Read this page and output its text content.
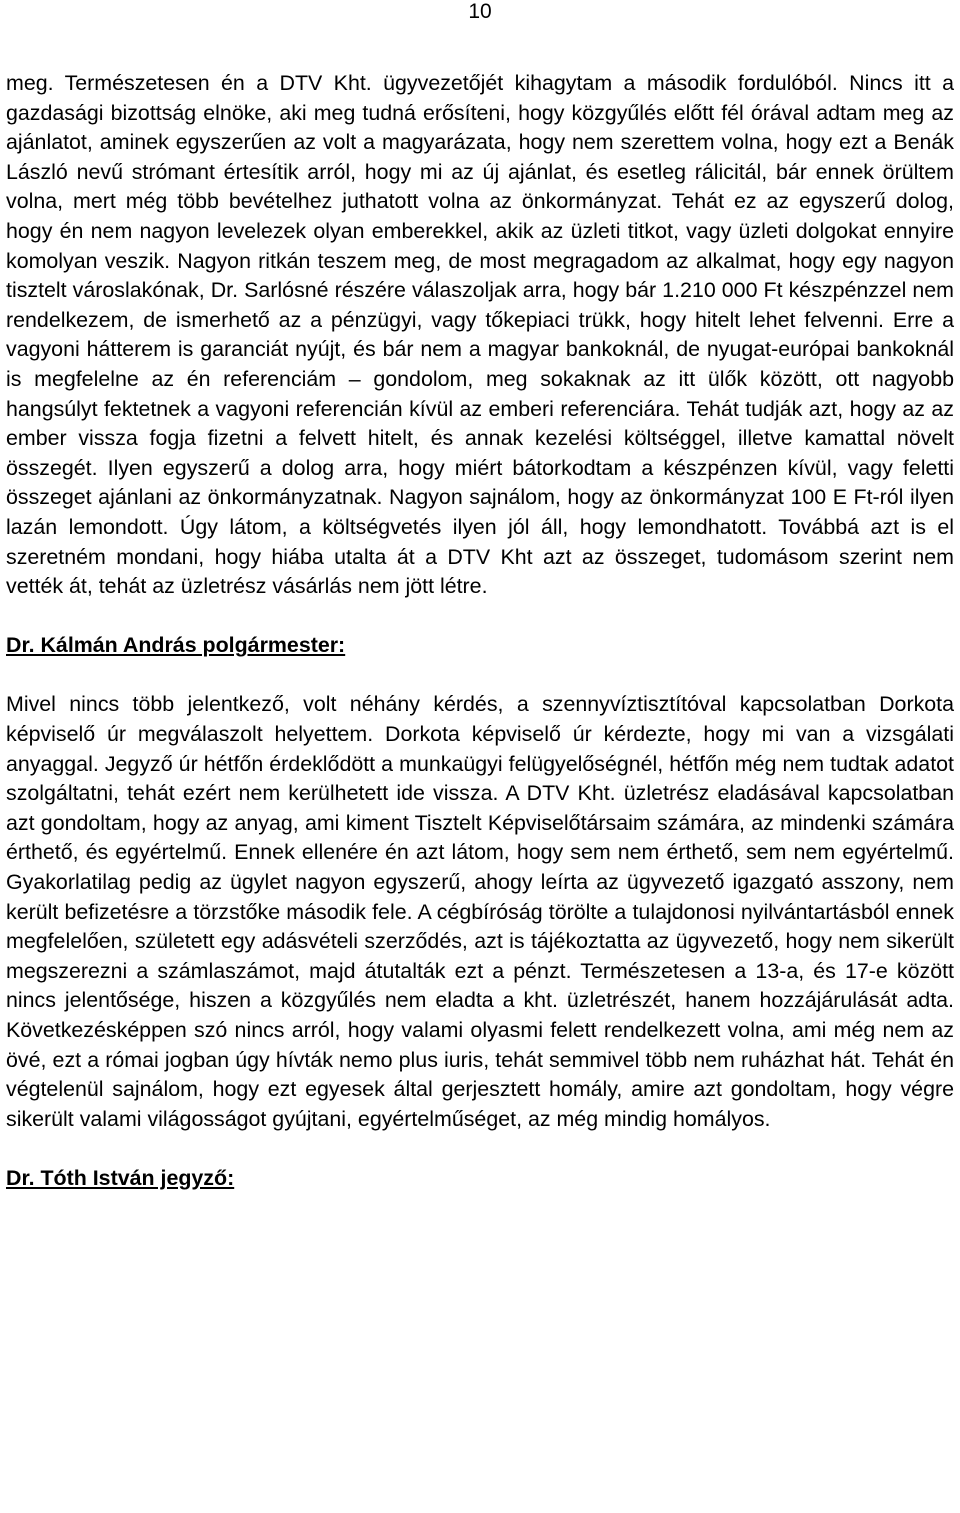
10

meg. Természetesen én a DTV Kht. ügyvezetőjét kihagytam a második fordulóból. Nincs itt a gazdasági bizottság elnöke, aki meg tudná erősíteni, hogy közgyűlés előtt fél órával adtam meg az ajánlatot, aminek egyszerűen az volt a magyarázata, hogy nem szerettem volna, hogy ezt a Benák László nevű strómant értesítik arról, hogy mi az új ajánlat, és esetleg rálicitál, bár ennek örültem volna, mert még több bevételhez juthatott volna az önkormányzat. Tehát ez az egyszerű dolog, hogy én nem nagyon levelezek olyan emberekkel, akik az üzleti titkot, vagy üzleti dolgokat ennyire komolyan veszik. Nagyon ritkán teszem meg, de most megragadom az alkalmat, hogy egy nagyon tisztelt városlakónak, Dr. Sarlósné részére válaszoljak arra, hogy bár 1.210 000 Ft készpénzzel nem rendelkezem, de ismerhető az a pénzügyi, vagy tőkepiaci trükk, hogy hitelt lehet felvenni. Erre a vagyoni hátterem is garanciát nyújt, és bár nem a magyar bankoknál, de nyugat-európai bankoknál is megfelelne az én referenciám – gondolom, meg sokaknak az itt ülők között, ott nagyobb hangsúlyt fektetnek a vagyoni referencián kívül az emberi referenciára. Tehát tudják azt, hogy az az ember vissza fogja fizetni a felvett hitelt, és annak kezelési költséggel, illetve kamattal növelt összegét. Ilyen egyszerű a dolog arra, hogy miért bátorkodtam a készpénzen kívül, vagy feletti összeget ajánlani az önkormányzatnak. Nagyon sajnálom, hogy az önkormányzat 100 E Ft-ról ilyen lazán lemondott. Úgy látom, a költségvetés ilyen jól áll, hogy lemondhatott. Továbbá azt is el szeretném mondani, hogy hiába utalta át a DTV Kht azt az összeget, tudomásom szerint nem vették át, tehát az üzletrész vásárlás nem jött létre.

Dr. Kálmán András polgármester:

Mivel nincs több jelentkező, volt néhány kérdés, a szennyvíztisztítóval kapcsolatban Dorkota képviselő úr megválaszolt helyettem. Dorkota képviselő úr kérdezte, hogy mi van a vizsgálati anyaggal. Jegyző úr hétfőn érdeklődött a munkaügyi felügyelőségnél, hétfőn még nem tudtak adatot szolgáltatni, tehát ezért nem kerülhetett ide vissza. A DTV Kht. üzletrész eladásával kapcsolatban azt gondoltam, hogy az anyag, ami kiment Tisztelt Képviselőtársaim számára, az mindenki számára érthető, és egyértelmű. Ennek ellenére én azt látom, hogy sem nem érthető, sem nem egyértelmű. Gyakorlatilag pedig az ügylet nagyon egyszerű, ahogy leírta az ügyvezető igazgató asszony, nem került befizetésre a törzstőke második fele. A cégbíróság törölte a tulajdonosi nyilvántartásból ennek megfelelően, született egy adásvételi szerződés, azt is tájékoztatta az ügyvezető, hogy nem sikerült megszerezni a számlaszámot, majd átutalták ezt a pénzt. Természetesen a 13-a, és 17-e között nincs jelentősége, hiszen a közgyűlés nem eladta a kht. üzletrészét, hanem hozzájárulását adta. Következésképpen szó nincs arról, hogy valami olyasmi felett rendelkezett volna, ami még nem az övé, ezt a római jogban úgy hívták nemo plus iuris, tehát semmivel több nem ruházhat hát. Tehát én végtelenül sajnálom, hogy ezt egyesek által gerjesztett homály, amire azt gondoltam, hogy végre sikerült valami világosságot gyújtani, egyértelműséget, az még mindig homályos.

Dr. Tóth István jegyző:
